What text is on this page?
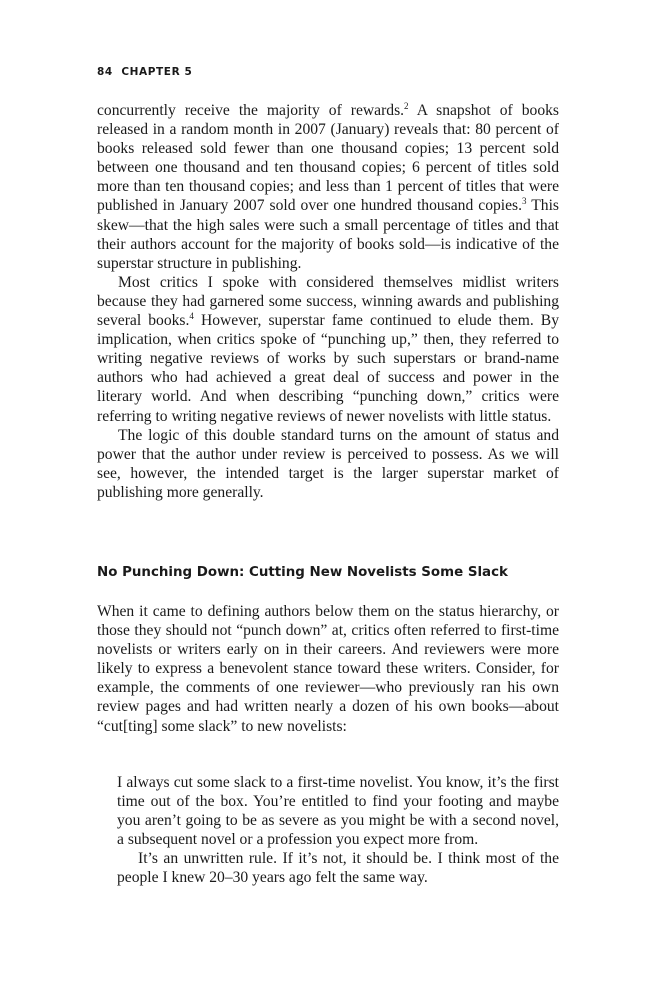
84 CHAPTER 5

concurrently receive the majority of rewards.$^2$ A snapshot of books released in a random month in 2007 (January) reveals that: 80 percent of books released sold fewer than one thousand copies; 13 percent sold between one thousand and ten thousand copies; 6 percent of titles sold more than ten thousand copies; and less than 1 percent of titles that were published in January 2007 sold over one hundred thousand copies.$^3$ This skew—that the high sales were such a small percentage of titles and that their authors account for the majority of books sold—is indicative of the superstar structure in publishing.

Most critics I spoke with considered themselves midlist writers because they had garnered some success, winning awards and publishing several books.$^4$ However, superstar fame continued to elude them. By implication, when critics spoke of “punching up,” then, they referred to writing negative reviews of works by such superstars or brand-name authors who had achieved a great deal of success and power in the literary world. And when describing “punching down,” critics were referring to writing negative reviews of newer novelists with little status.

The logic of this double standard turns on the amount of status and power that the author under review is perceived to possess. As we will see, however, the intended target is the larger superstar market of publishing more generally.

No Punching Down: Cutting New Novelists Some Slack

When it came to defining authors below them on the status hierarchy, or those they should not “punch down” at, critics often referred to first-time novelists or writers early on in their careers. And reviewers were more likely to express a benevolent stance toward these writers. Consider, for example, the comments of one reviewer—who previously ran his own review pages and had written nearly a dozen of his own books—about “cut[ting] some slack” to new novelists:

I always cut some slack to a first-time novelist. You know, it’s the first time out of the box. You’re entitled to find your footing and maybe you aren’t going to be as severe as you might be with a second novel, a subsequent novel or a profession you expect more from.

It’s an unwritten rule. If it’s not, it should be. I think most of the people I knew 20–30 years ago felt the same way.
